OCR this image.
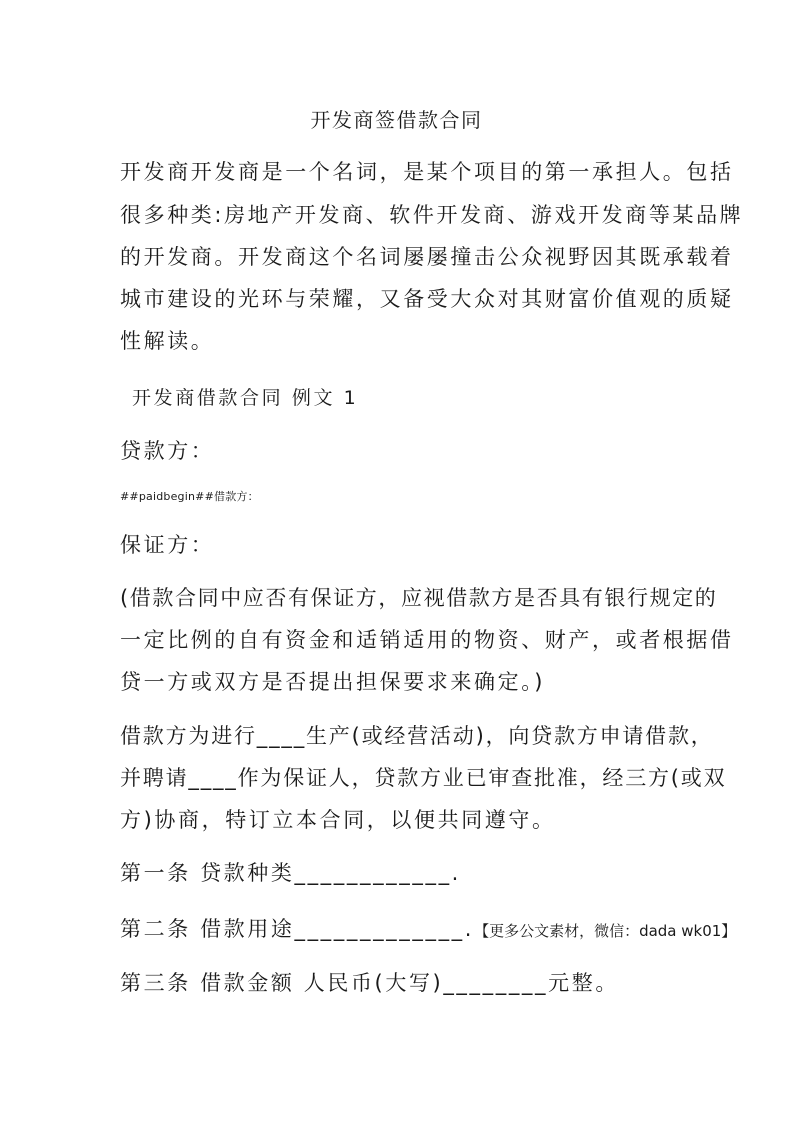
开发商签借款合同

开发商开发商是一个名词，是某个项目的第一承担人。包括

很多种类:房地产开发商、软件开发商、游戏开发商等某品牌

的开发商。开发商这个名词屡屡撞击公众视野因其既承载着

城市建设的光环与荣耀，又备受大众对其财富价值观的质疑

性解读。

开发商借款合同 例文 1

贷款方：

##paidbegin##借款方：

保证方：

(借款合同中应否有保证方，应视借款方是否具有银行规定的

一定比例的自有资金和适销适用的物资、财产，或者根据借

贷一方或双方是否提出担保要求来确定。)

借款方为进行____生产(或经营活动)，向贷款方申请借款，

并聘请____作为保证人，贷款方业已审查批准，经三方(或双

方)协商，特订立本合同，以便共同遵守。

第一条 贷款种类____________.

第二条 借款用途_____________.【更多公文素材，微信：dada wk01】

第三条 借款金额 人民币(大写)________元整。
